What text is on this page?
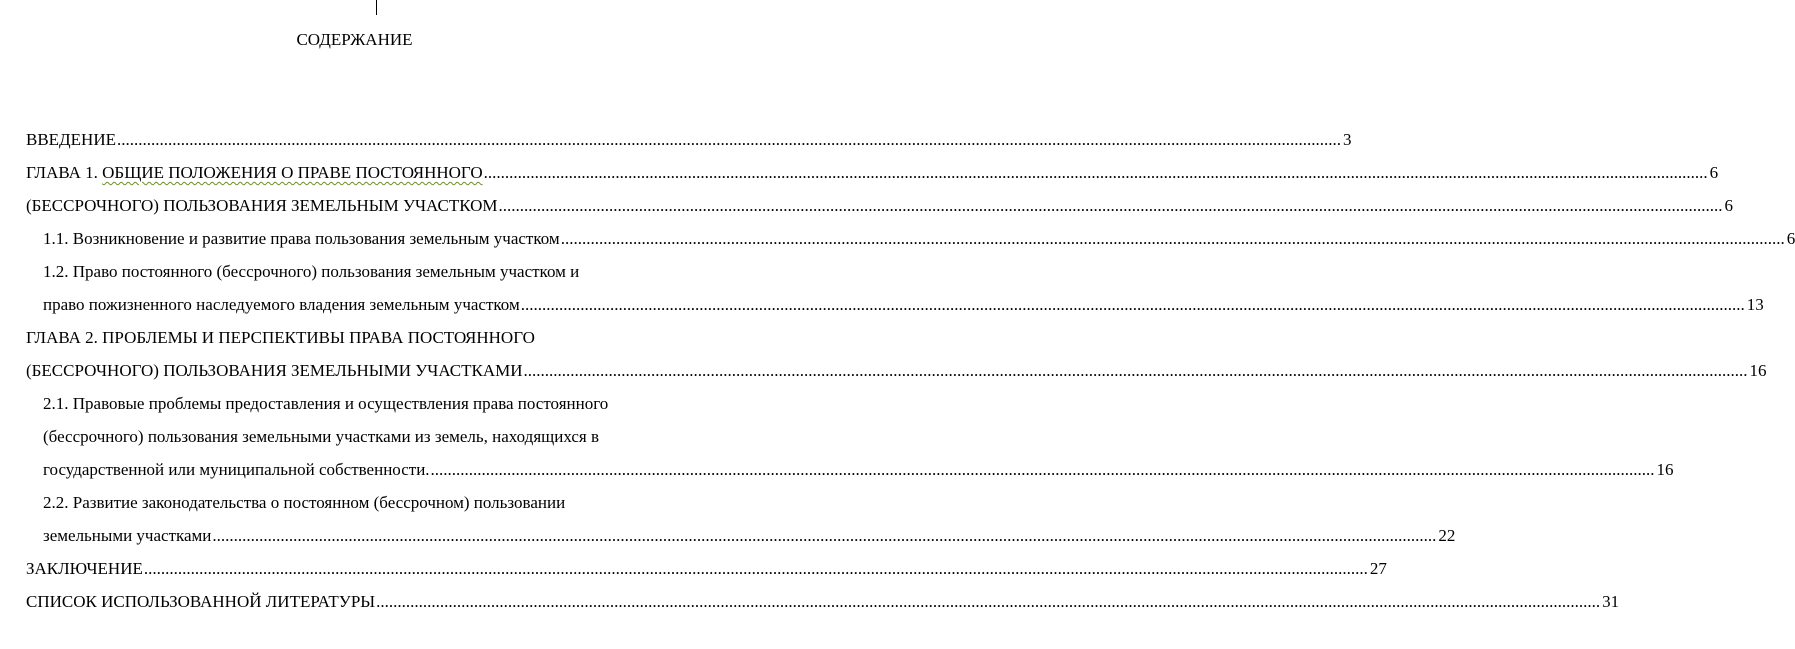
СОДЕРЖАНИЕ
ВВЕДЕНИЕ ................................................................................................................................................................................................................................................................................................ 3
ГЛАВА 1. ОБЩИЕ ПОЛОЖЕНИЯ О ПРАВЕ ПОСТОЯННОГО ................................................................................................................................................................................................................................................................................................ 6
(БЕССРОЧНОГО) ПОЛЬЗОВАНИЯ ЗЕМЕЛЬНЫМ УЧАСТКОМ ................................................................................................................................................................................................................................................................................................ 6
1.1. Возникновение и развитие права пользования земельным участком ................................................................................................................................................................................................................................................................................................ 6
1.2. Право постоянного (бессрочного) пользования земельным участком и
право пожизненного наследуемого владения земельным участком ................................................................................................................................................................................................................................................................................................ 13
ГЛАВА 2. ПРОБЛЕМЫ И ПЕРСПЕКТИВЫ ПРАВА ПОСТОЯННОГО
(БЕССРОЧНОГО) ПОЛЬЗОВАНИЯ ЗЕМЕЛЬНЫМИ УЧАСТКАМИ ................................................................................................................................................................................................................................................................................................ 16
2.1. Правовые проблемы предоставления и осуществления права постоянного
(бессрочного) пользования земельными участками из земель, находящихся в
государственной или муниципальной собственности. ................................................................................................................................................................................................................................................................................................ 16
2.2. Развитие законодательства о постоянном (бессрочном) пользовании
земельными участками ................................................................................................................................................................................................................................................................................................ 22
ЗАКЛЮЧЕНИЕ ................................................................................................................................................................................................................................................................................................ 27
СПИСОК ИСПОЛЬЗОВАННОЙ ЛИТЕРАТУРЫ ................................................................................................................................................................................................................................................................................................ 31
